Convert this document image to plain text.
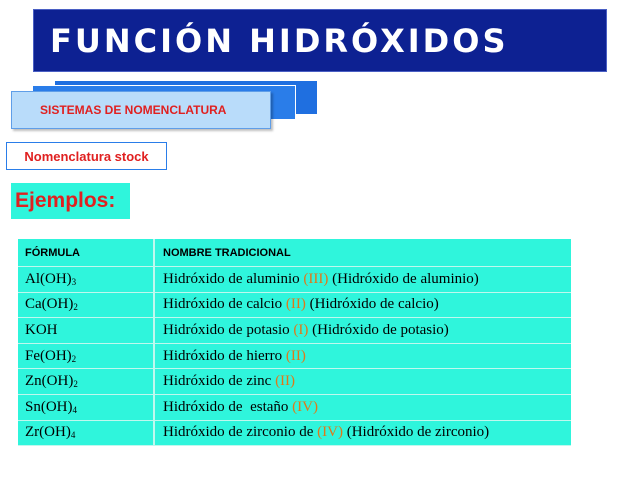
FUNCIÓN HIDRÓXIDOS
SISTEMAS DE NOMENCLATURA
Nomenclatura stock
Ejemplos:
FÓRMULA	NOMBRE TRADICIONAL
$Al(OH)_3$	Hidróxido de aluminio (III) (Hidróxido de aluminio)
$Ca(OH)_2$	Hidróxido de calcio (II) (Hidróxido de calcio)
KOH	Hidróxido de potasio (I) (Hidróxido de potasio)
$Fe(OH)_2$	Hidróxido de hierro (II)
$Zn(OH)_2$	Hidróxido de zinc (II)
$Sn(OH)_4$	Hidróxido de  estaño (IV)
$Zr(OH)_4$	Hidróxido de zirconio de (IV) (Hidróxido de zirconio)
